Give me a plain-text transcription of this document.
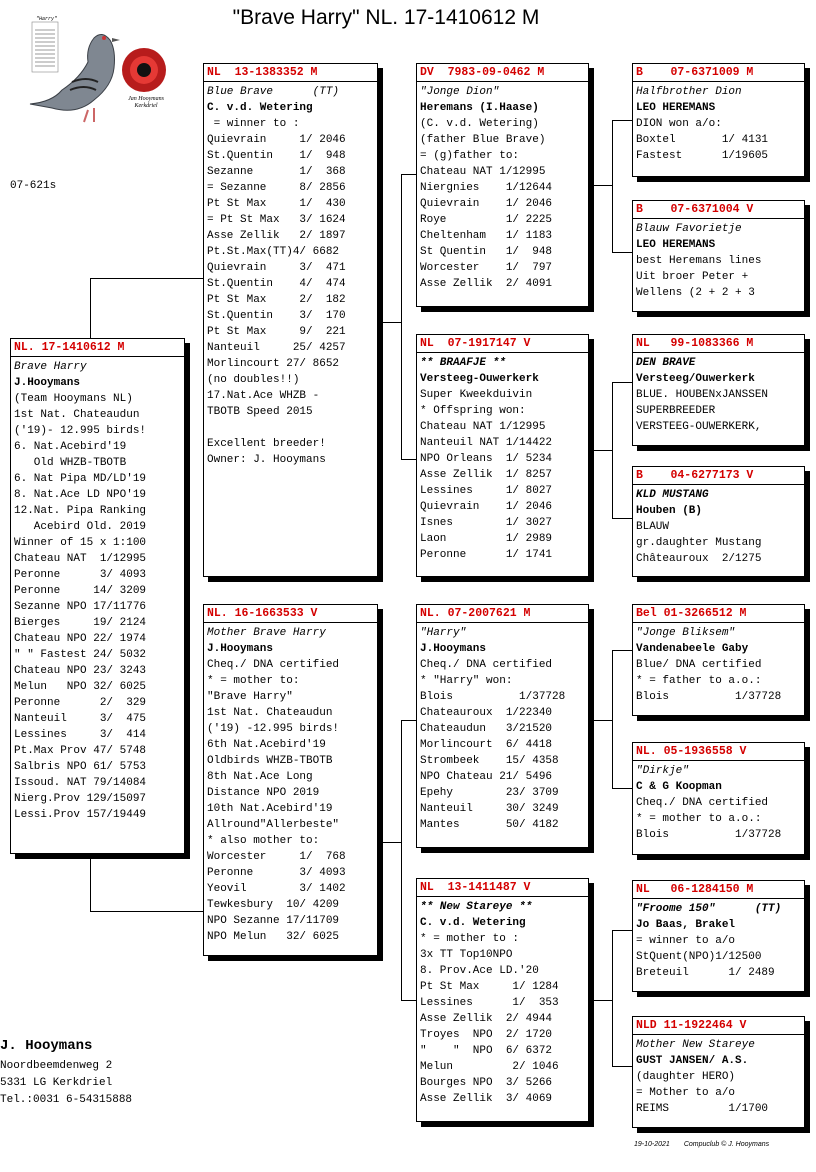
"Brave Harry" NL. 17-1410612 M
Jan Hooymans
Kerkdriel
"Harry"
07-621s
NL. 17-1410612 M
Brave Harry
J.Hooymans
(Team Hooymans NL)
1st Nat. Chateaudun
('19)- 12.995 birds!
6. Nat.Acebird'19
Old WHZB-TBOTB
6. Nat Pipa MD/LD'19
8. Nat.Ace LD NPO'19
12.Nat. Pipa Ranking
Acebird Old. 2019
Winner of 15 x 1:100
Chateau NAT  1/12995
Peronne      3/ 4093
Peronne     14/ 3209
Sezanne NPO 17/11776
Bierges     19/ 2124
Chateau NPO 22/ 1974
" " Fastest 24/ 5032
Chateau NPO 23/ 3243
Melun   NPO 32/ 6025
Peronne      2/  329
Nanteuil     3/  475
Lessines     3/  414
Pt.Max Prov 47/ 5748
Salbris NPO 61/ 5753
Issoud. NAT 79/14084
Nierg.Prov 129/15097
Lessi.Prov 157/19449
NL  13-1383352 M
Blue Brave      (TT)
C. v.d. Wetering
= winner to :
Quievrain     1/ 2046
St.Quentin    1/  948
Sezanne       1/  368
= Sezanne     8/ 2856
Pt St Max     1/  430
= Pt St Max   3/ 1624
Asse Zellik   2/ 1897
Pt.St.Max(TT)4/ 6682
Quievrain     3/  471
St.Quentin    4/  474
Pt St Max     2/  182
St.Quentin    3/  170
Pt St Max     9/  221
Nanteuil     25/ 4257
Morlincourt 27/ 8652
(no doubles!!)
17.Nat.Ace WHZB -
TBOTB Speed 2015
Excellent breeder!
Owner: J. Hooymans
NL. 16-1663533 V
Mother Brave Harry
J.Hooymans
Cheq./ DNA certified
* = mother to:
"Brave Harry"
1st Nat. Chateaudun
('19) -12.995 birds!
6th Nat.Acebird'19
Oldbirds WHZB-TBOTB
8th Nat.Ace Long
Distance NPO 2019
10th Nat.Acebird'19
Allround"Allerbeste"
* also mother to:
Worcester     1/  768
Peronne       3/ 4093
Yeovil        3/ 1402
Tewkesbury  10/ 4209
NPO Sezanne 17/11709
NPO Melun   32/ 6025
DV  7983-09-0462 M
"Jonge Dion"
Heremans (I.Haase)
(C. v.d. Wetering)
(father Blue Brave)
= (g)father to:
Chateau NAT 1/12995
Niergnies    1/12644
Quievrain    1/ 2046
Roye         1/ 2225
Cheltenham   1/ 1183
St Quentin   1/  948
Worcester    1/  797
Asse Zellik  2/ 4091
NL  07-1917147 V
** BRAAFJE **
Versteeg-Ouwerkerk
Super Kweekduivin
* Offspring won:
Chateau NAT 1/12995
Nanteuil NAT 1/14422
NPO Orleans  1/ 5234
Asse Zellik  1/ 8257
Lessines     1/ 8027
Quievrain    1/ 2046
Isnes        1/ 3027
Laon         1/ 2989
Peronne      1/ 1741
NL. 07-2007621 M
"Harry"
J.Hooymans
Cheq./ DNA certified
* "Harry" won:
Blois          1/37728
Chateauroux  1/22340
Chateaudun   3/21520
Morlincourt  6/ 4418
Strombeek    15/ 4358
NPO Chateau 21/ 5496
Epehy        23/ 3709
Nanteuil     30/ 3249
Mantes       50/ 4182
NL  13-1411487 V
** New Stareye **
C. v.d. Wetering
* = mother to :
3x TT Top10NPO
8. Prov.Ace LD.'20
Pt St Max     1/ 1284
Lessines      1/  353
Asse Zellik  2/ 4944
Troyes  NPO  2/ 1720
"    "  NPO  6/ 6372
Melun         2/ 1046
Bourges NPO  3/ 5266
Asse Zellik  3/ 4069
B    07-6371009 M
Halfbrother Dion
LEO HEREMANS
DION won a/o:
Boxtel       1/ 4131
Fastest      1/19605
B    07-6371004 V
Blauw Favorietje
LEO HEREMANS
best Heremans lines
Uit broer Peter +
Wellens (2 + 2 + 3
NL   99-1083366 M
DEN BRAVE
Versteeg/Ouwerkerk
BLUE. HOUBENxJANSSEN
SUPERBREEDER
VERSTEEG-OUWERKERK,
B    04-6277173 V
KLD MUSTANG
Houben (B)
BLAUW
gr.daughter Mustang
Châteauroux  2/1275
Bel 01-3266512 M
"Jonge Bliksem"
Vandenabeele Gaby
Blue/ DNA certified
* = father to a.o.:
Blois          1/37728
NL. 05-1936558 V
"Dirkje"
C & G Koopman
Cheq./ DNA certified
* = mother to a.o.:
Blois          1/37728
NL   06-1284150 M
"Froome 150"      (TT)
Jo Baas, Brakel
= winner to a/o
StQuent(NPO)1/12500
Breteuil      1/ 2489
NLD 11-1922464 V
Mother New Stareye
GUST JANSEN/ A.S.
(daughter HERO)
= Mother to a/o
REIMS         1/1700
J. Hooymans
Noordbeemdenweg 2
5331 LG Kerkdriel
Tel.:0031 6-54315888
19-10-2021 Compuclub © J. Hooymans
